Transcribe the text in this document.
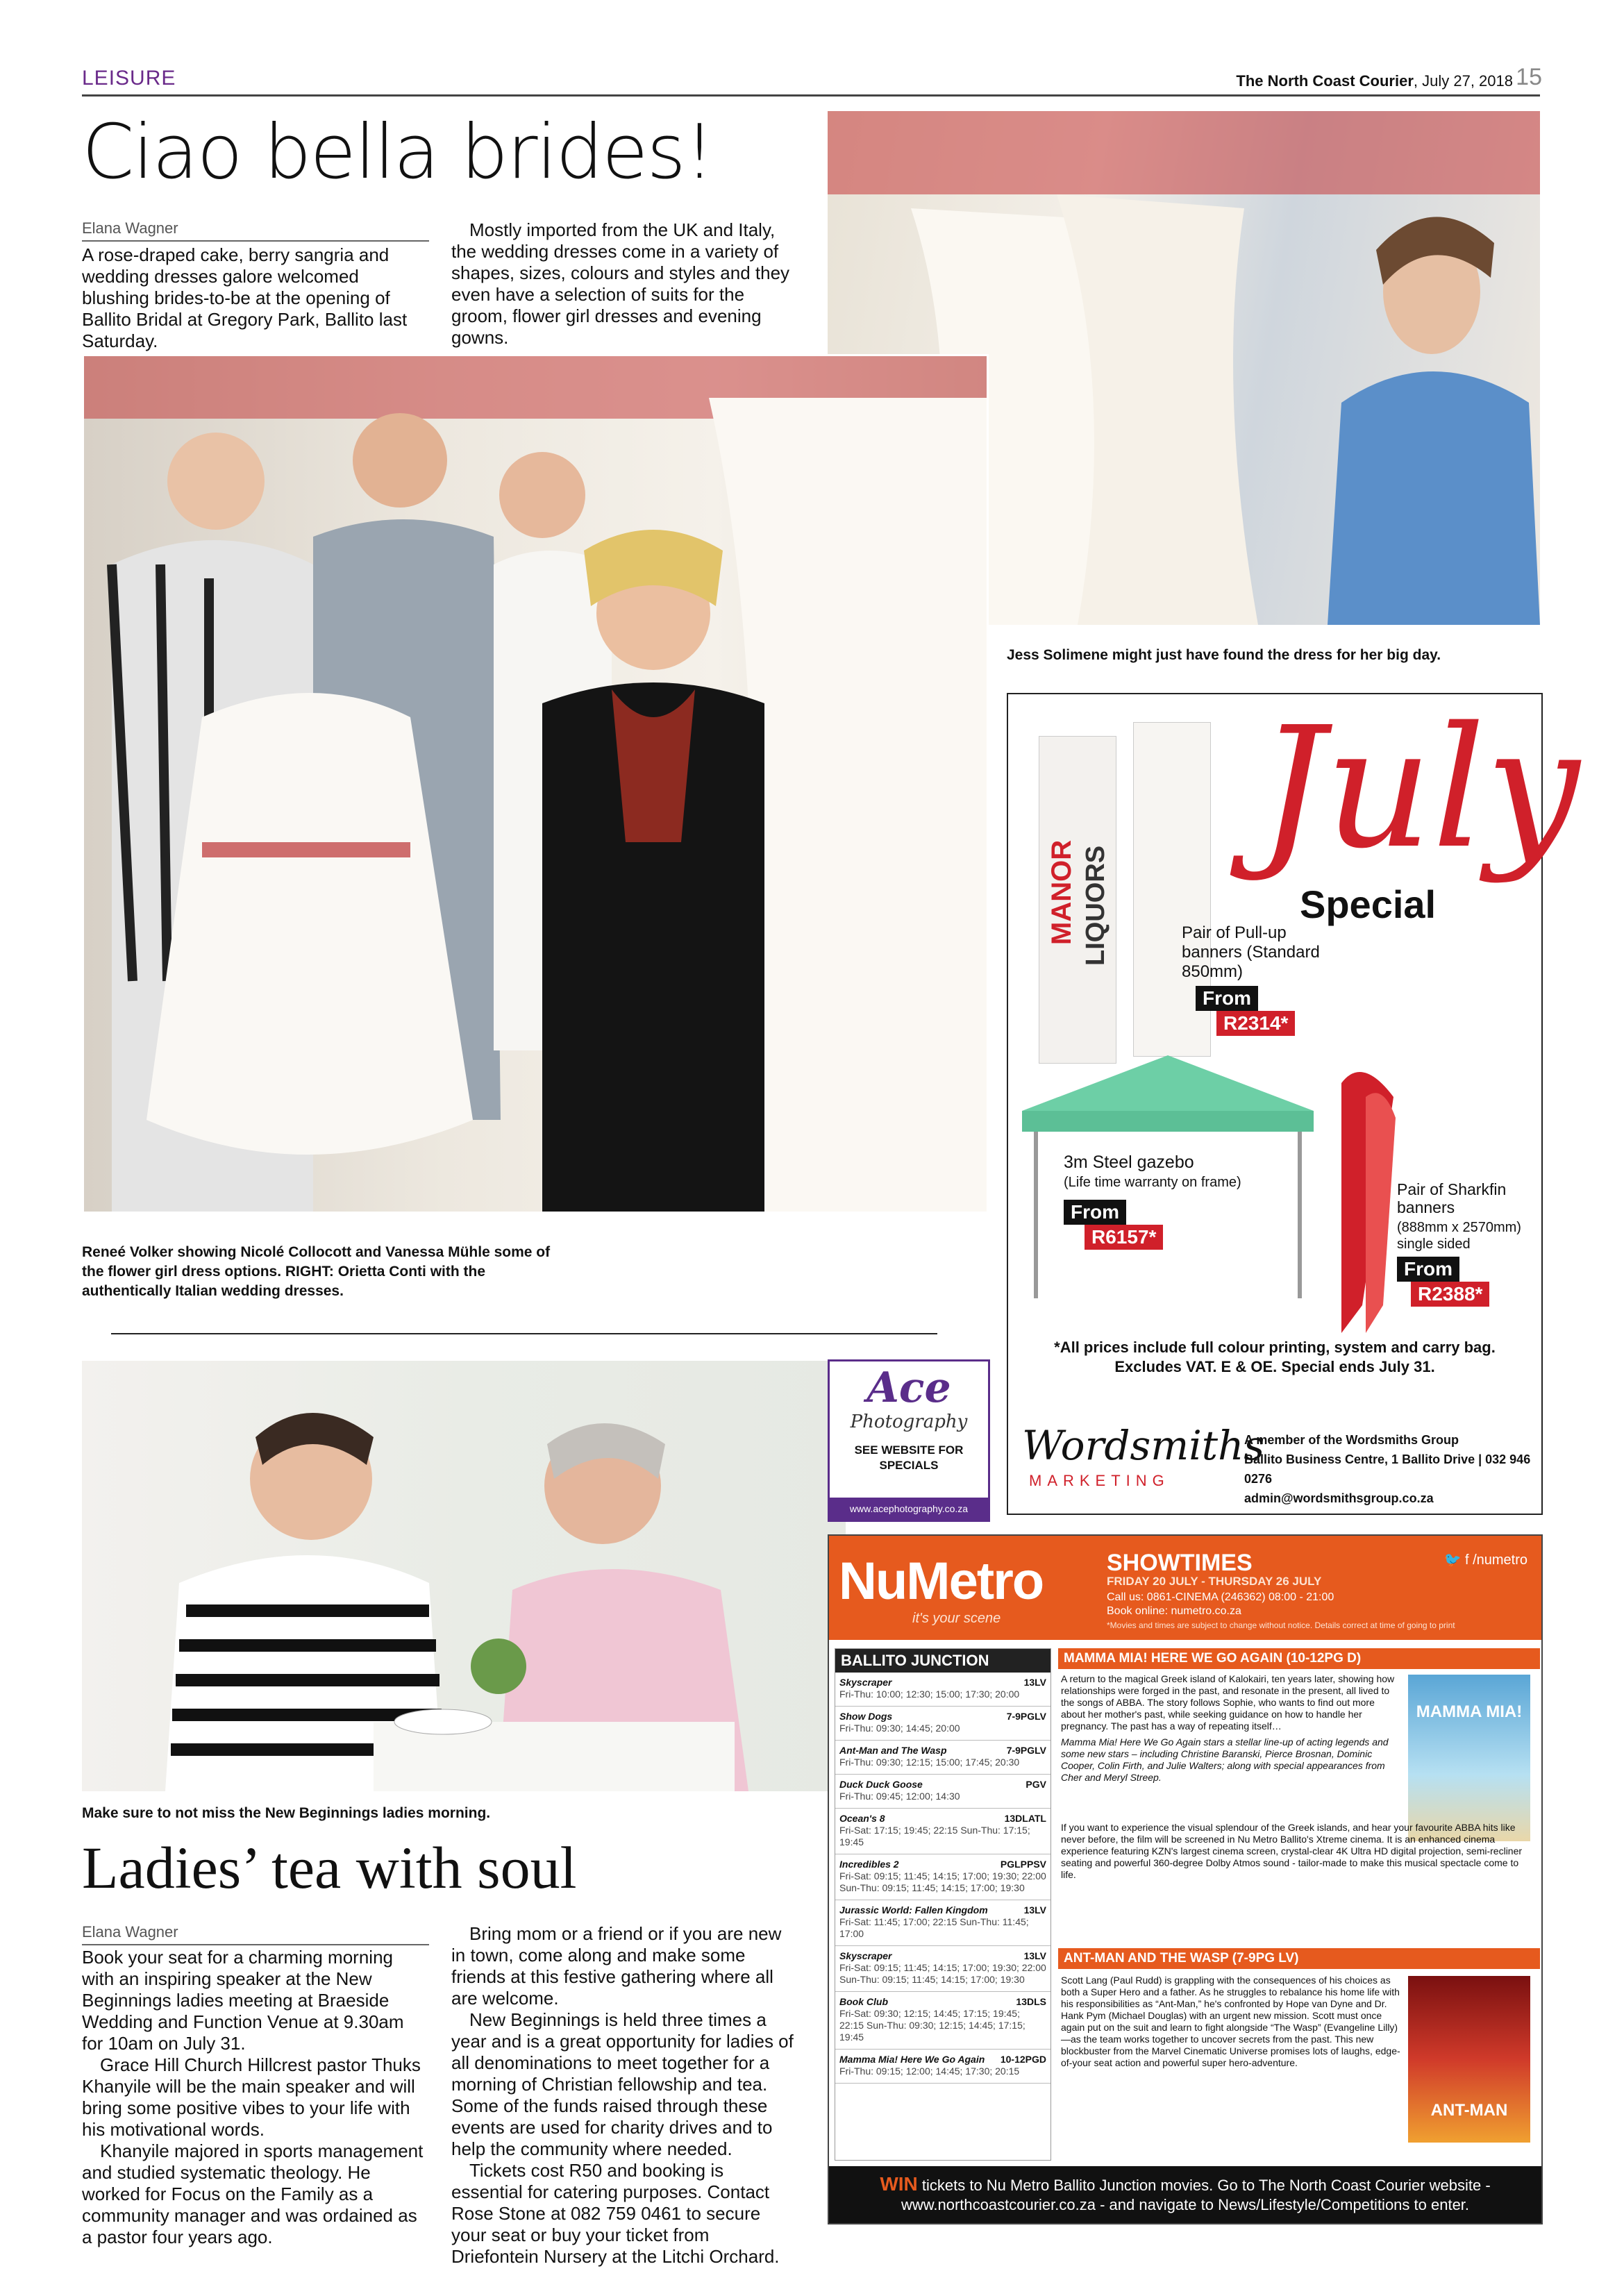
LEISURE	The North Coast Courier, July 27, 2018 15
Ciao bella brides!
Elana Wagner
A rose-draped cake, berry sangria and wedding dresses galore welcomed blushing brides-to-be at the opening of Ballito Bridal at Gregory Park, Ballito last Saturday.
Mostly imported from the UK and Italy, the wedding dresses come in a variety of shapes, sizes, colours and styles and they even have a selection of suits for the groom, flower girl dresses and evening gowns.
Jess Solimene might just have found the dress for her big day.
Reneé Volker showing Nicolé Collocott and Vanessa Mühle some of the flower girl dress options. RIGHT: Orietta Conti with the authentically Italian wedding dresses.
Make sure to not miss the New Beginnings ladies morning.
Ladies’ tea with soul
Elana Wagner
Book your seat for a charming morning with an inspiring speaker at the New Beginnings ladies meeting at Braeside Wedding and Function Venue at 9.30am for 10am on July 31.
Grace Hill Church Hillcrest pastor Thuks Khanyile will be the main speaker and will bring some positive vibes to your life with his motivational words.
Khanyile majored in sports management and studied systematic theology. He worked for Focus on the Family as a community manager and was ordained as a pastor four years ago.
Bring mom or a friend or if you are new in town, come along and make some friends at this festive gathering where all are welcome.
New Beginnings is held three times a year and is a great opportunity for ladies of all denominations to meet together for a morning of Christian fellowship and tea. Some of the funds raised through these events are used for charity drives and to help the community where needed.
Tickets cost R50 and booking is essential for catering purposes. Contact Rose Stone at 082 759 0461 to secure your seat or buy your ticket from Driefontein Nursery at the Litchi Orchard.
MANOR LIQUORS
July
Special
Pair of Pull-up banners (Standard 850mm)
From
R2314*
3m Steel gazebo
(Life time warranty on frame)
From
R6157*
Pair of Sharkfin banners
(888mm x 2570mm) single sided
From
R2388*
*All prices include full colour printing, system and carry bag.
Excludes VAT. E & OE. Special ends July 31.
Wordsmiths
MARKETING
A member of the Wordsmiths Group
Ballito Business Centre, 1 Ballito Drive | 032 946 0276
admin@wordsmithsgroup.co.za
Ace
Photography
SEE WEBSITE FOR
SPECIALS
www.acephotography.co.za
NuMetro
it's your scene
SHOWTIMES
FRIDAY 20 JULY - THURSDAY 26 JULY
Call us: 0861-CINEMA (246362) 08:00 - 21:00
Book online: numetro.co.za
*Movies and times are subject to change without notice. Details correct at time of going to print
🐦 f /numetro
BALLITO JUNCTION
Skyscraper	13LV
Fri-Thu: 10:00; 12:30; 15:00; 17:30; 20:00
Show Dogs	7-9PGLV
Fri-Thu: 09:30; 14:45; 20:00
Ant-Man and The Wasp	7-9PGLV
Fri-Thu: 09:30; 12:15; 15:00; 17:45; 20:30
Duck Duck Goose	PGV
Fri-Thu: 09:45; 12:00; 14:30
Ocean's 8	13DLATL
Fri-Sat: 17:15; 19:45; 22:15 Sun-Thu: 17:15; 19:45
Incredibles 2	PGLPPSV
Fri-Sat: 09:15; 11:45; 14:15; 17:00; 19:30; 22:00 Sun-Thu: 09:15; 11:45; 14:15; 17:00; 19:30
Jurassic World: Fallen Kingdom	13LV
Fri-Sat: 11:45; 17:00; 22:15 Sun-Thu: 11:45; 17:00
Skyscraper	13LV
Fri-Sat: 09:15; 11:45; 14:15; 17:00; 19:30; 22:00 Sun-Thu: 09:15; 11:45; 14:15; 17:00; 19:30
Book Club	13DLS
Fri-Sat: 09:30; 12:15; 14:45; 17:15; 19:45; 22:15 Sun-Thu: 09:30; 12:15; 14:45; 17:15; 19:45
Mamma Mia! Here We Go Again 10-12PGD
Fri-Thu: 09:15; 12:00; 14:45; 17:30; 20:15
MAMMA MIA! HERE WE GO AGAIN (10-12PG D)
A return to the magical Greek island of Kalokairi, ten years later, showing how relationships were forged in the past, and resonate in the present, all lived to the songs of ABBA. The story follows Sophie, who wants to find out more about her mother's past, while seeking guidance on how to handle her pregnancy. The past has a way of repeating itself…
Mamma Mia! Here We Go Again stars a stellar line-up of acting legends and some new stars – including Christine Baranski, Pierce Brosnan, Dominic Cooper, Colin Firth, and Julie Walters; along with special appearances from Cher and Meryl Streep.
MAMMA MIA!
If you want to experience the visual splendour of the Greek islands, and hear your favourite ABBA hits like never before, the film will be screened in Nu Metro Ballito's Xtreme cinema. It is an enhanced cinema experience featuring KZN's largest cinema screen, crystal-clear 4K Ultra HD digital projection, semi-recliner seating and powerful 360-degree Dolby Atmos sound - tailor-made to make this musical spectacle come to life.
ANT-MAN AND THE WASP (7-9PG LV)
Scott Lang (Paul Rudd) is grappling with the consequences of his choices as both a Super Hero and a father. As he struggles to rebalance his home life with his responsibilities as “Ant-Man,” he's confronted by Hope van Dyne and Dr. Hank Pym (Michael Douglas) with an urgent new mission. Scott must once again put on the suit and learn to fight alongside “The Wasp” (Evangeline Lilly)—as the team works together to uncover secrets from the past. This new blockbuster from the Marvel Cinematic Universe promises lots of laughs, edge-of-your seat action and powerful super hero-adventure.
ANT-MAN
WIN tickets to Nu Metro Ballito Junction movies. Go to The North Coast Courier website -
www.northcoastcourier.co.za - and navigate to News/Lifestyle/Competitions to enter.
